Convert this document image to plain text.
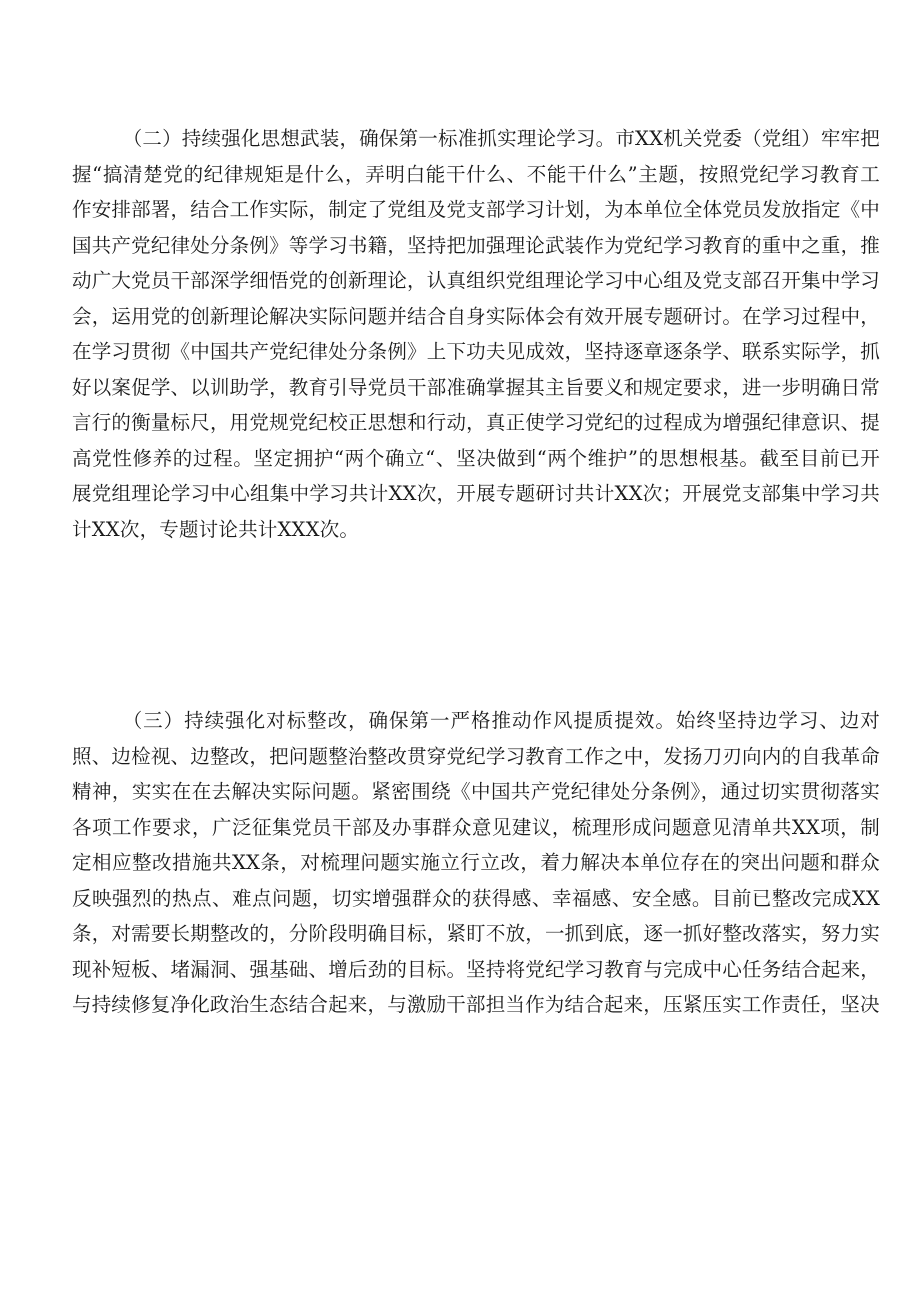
（二）持续强化思想武装，确保第一标准抓实理论学习。市XX机关党委（党组）牢牢把握“搞清楚党的纪律规矩是什么，弄明白能干什么、不能干什么”主题，按照党纪学习教育工作安排部署，结合工作实际，制定了党组及党支部学习计划，为本单位全体党员发放指定《中国共产党纪律处分条例》等学习书籍，坚持把加强理论武装作为党纪学习教育的重中之重，推动广大党员干部深学细悟党的创新理论，认真组织党组理论学习中心组及党支部召开集中学习会，运用党的创新理论解决实际问题并结合自身实际体会有效开展专题研讨。在学习过程中，在学习贯彻《中国共产党纪律处分条例》上下功夫见成效，坚持逐章逐条学、联系实际学，抓好以案促学、以训助学，教育引导党员干部准确掌握其主旨要义和规定要求，进一步明确日常言行的衡量标尺，用党规党纪校正思想和行动，真正使学习党纪的过程成为增强纪律意识、提高党性修养的过程。坚定拥护“两个确立“、坚决做到“两个维护”的思想根基。截至目前已开展党组理论学习中心组集中学习共计XX次，开展专题研讨共计XX次；开展党支部集中学习共计XX次，专题讨论共计XXX次。

（三）持续强化对标整改，确保第一严格推动作风提质提效。始终坚持边学习、边对照、边检视、边整改，把问题整治整改贯穿党纪学习教育工作之中，发扬刀刃向内的自我革命精神，实实在在去解决实际问题。紧密围绕《中国共产党纪律处分条例》，通过切实贯彻落实各项工作要求，广泛征集党员干部及办事群众意见建议，梳理形成问题意见清单共XX项，制定相应整改措施共XX条，对梳理问题实施立行立改，着力解决本单位存在的突出问题和群众反映强烈的热点、难点问题，切实增强群众的获得感、幸福感、安全感。目前已整改完成XX条，对需要长期整改的，分阶段明确目标，紧盯不放，一抓到底，逐一抓好整改落实，努力实现补短板、堵漏洞、强基础、增后劲的目标。坚持将党纪学习教育与完成中心任务结合起来，与持续修复净化政治生态结合起来，与激励干部担当作为结合起来，压紧压实工作责任，坚决
